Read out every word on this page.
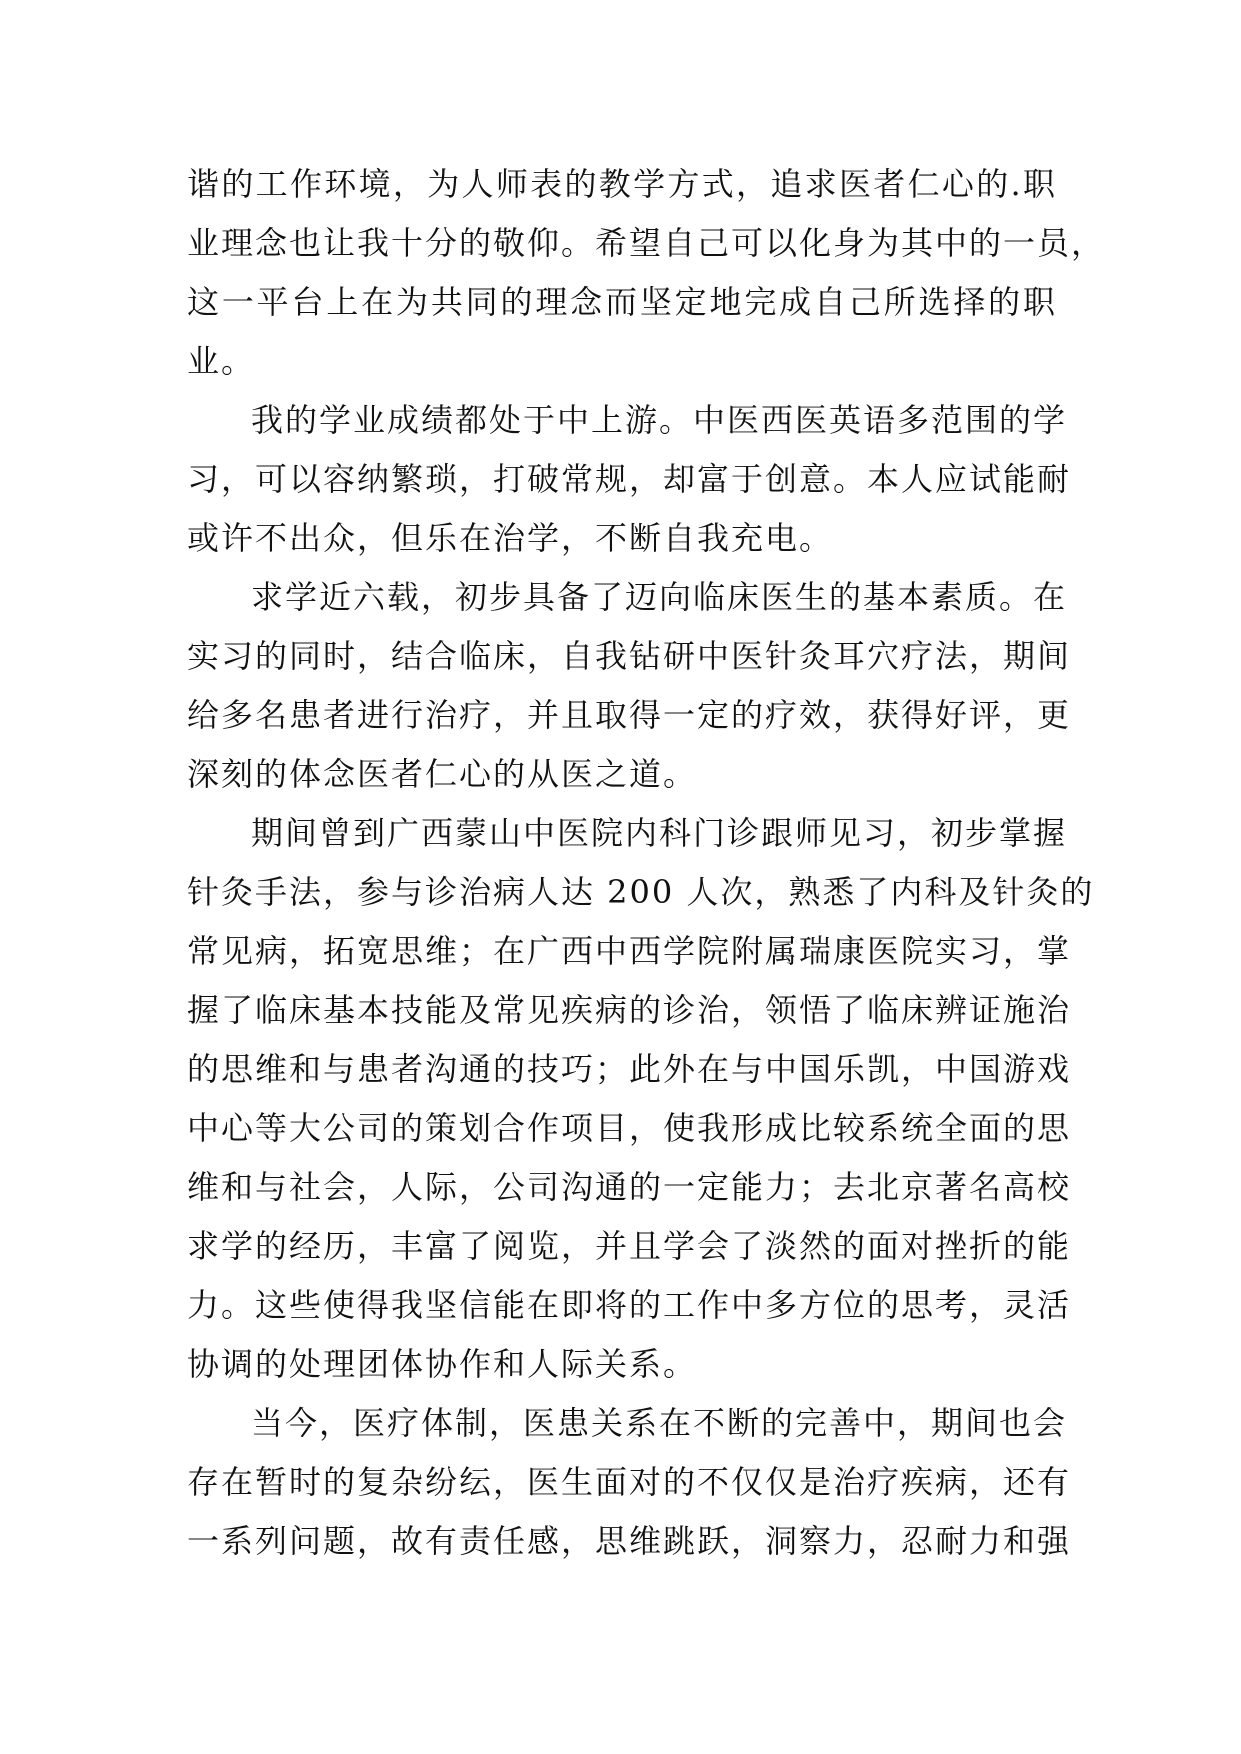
谐的工作环境，为人师表的教学方式，追求医者仁心的.职
业理念也让我十分的敬仰。希望自己可以化身为其中的一员，
这一平台上在为共同的理念而坚定地完成自己所选择的职
业。
我的学业成绩都处于中上游。中医西医英语多范围的学
习，可以容纳繁琐，打破常规，却富于创意。本人应试能耐
或许不出众，但乐在治学，不断自我充电。
求学近六载，初步具备了迈向临床医生的基本素质。在
实习的同时，结合临床，自我钻研中医针灸耳穴疗法，期间
给多名患者进行治疗，并且取得一定的疗效，获得好评，更
深刻的体念医者仁心的从医之道。
期间曾到广西蒙山中医院内科门诊跟师见习，初步掌握
针灸手法，参与诊治病人达 200 人次，熟悉了内科及针灸的
常见病，拓宽思维；在广西中西学院附属瑞康医院实习，掌
握了临床基本技能及常见疾病的诊治，领悟了临床辨证施治
的思维和与患者沟通的技巧；此外在与中国乐凯，中国游戏
中心等大公司的策划合作项目，使我形成比较系统全面的思
维和与社会，人际，公司沟通的一定能力；去北京著名高校
求学的经历，丰富了阅览，并且学会了淡然的面对挫折的能
力。这些使得我坚信能在即将的工作中多方位的思考，灵活
协调的处理团体协作和人际关系。
当今，医疗体制，医患关系在不断的完善中，期间也会
存在暂时的复杂纷纭，医生面对的不仅仅是治疗疾病，还有
一系列问题，故有责任感，思维跳跃，洞察力，忍耐力和强
